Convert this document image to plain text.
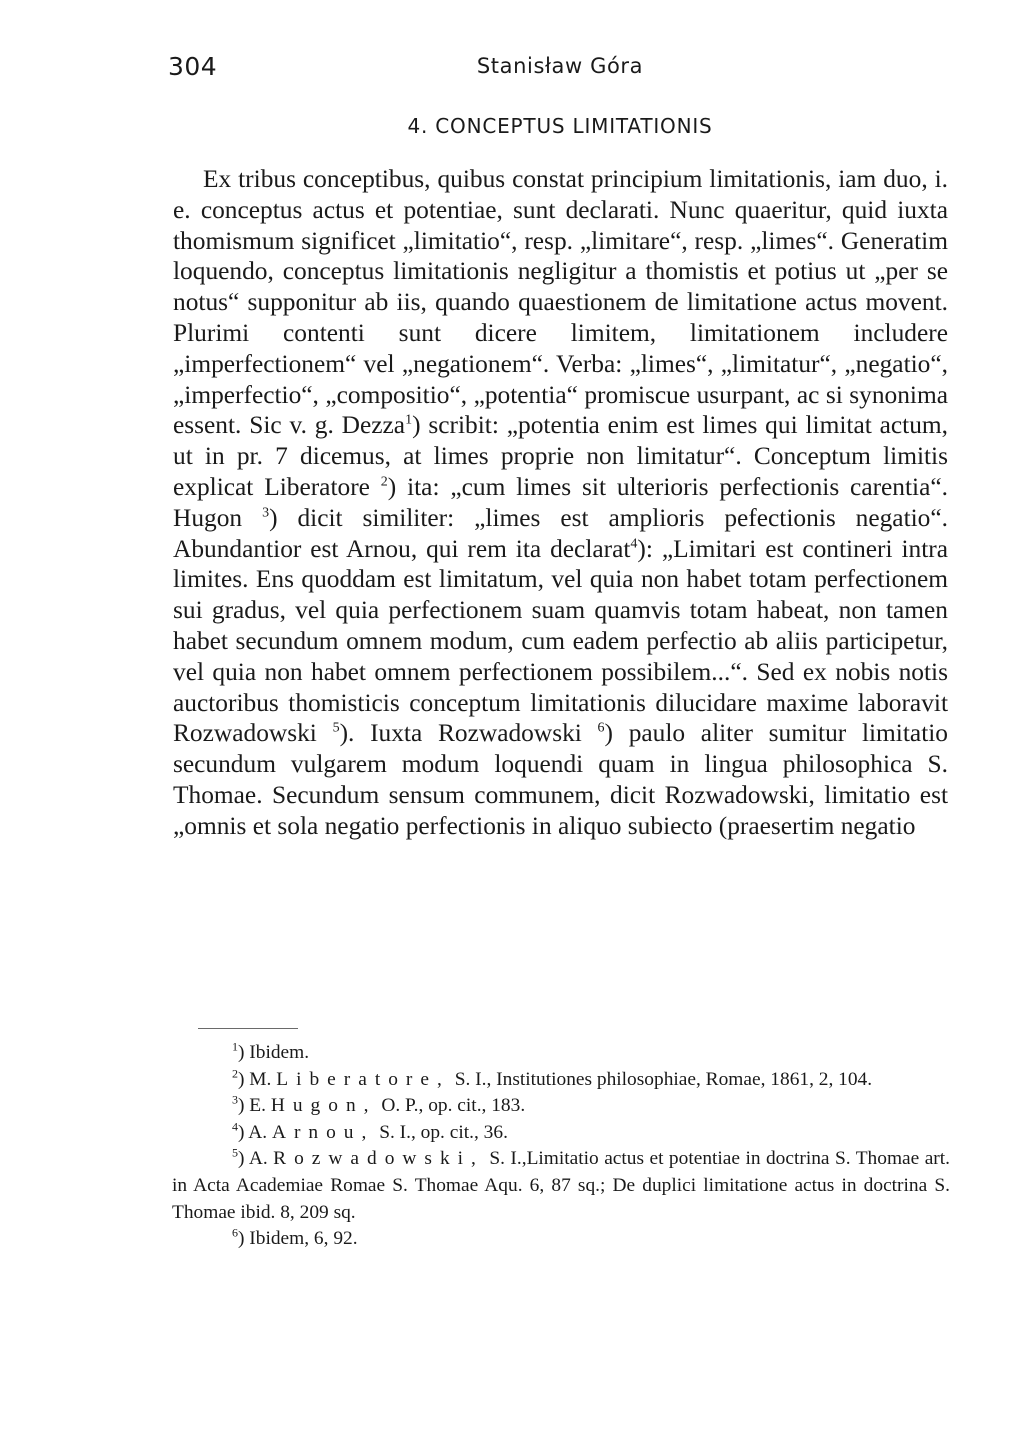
304	Stanisław Góra
4. CONCEPTUS LIMITATIONIS

Ex tribus conceptibus, quibus constat principium limitationis, iam duo, i. e. conceptus actus et potentiae, sunt declarati. Nunc quaeritur, quid iuxta thomismum significet „limitatio“, resp. „limitare“, resp. „limes“. Generatim loquendo, conceptus limitationis negligitur a thomistis et potius ut „per se notus“ supponitur ab iis, quando quaestionem de limitatione actus movent. Plurimi contenti sunt dicere limitem, limitationem includere „imperfectionem“ vel „negationem“. Verba: „limes“, „limitatur“, „negatio“, „imperfectio“, „compositio“, „potentia“ promiscue usurpant, ac si synonima essent. Sic v. g. Dezza$^1$) scribit: „potentia enim est limes qui limitat actum, ut in pr. 7 dicemus, at limes proprie non limitatur“. Conceptum limitis explicat Liberatore $^2$) ita: „cum limes sit ulterioris perfectionis carentia“. Hugon $^3$) dicit similiter: „limes est amplioris pefectionis negatio“. Abundantior est Arnou, qui rem ita declarat$^4$): „Limitari est contineri intra limites. Ens quoddam est limitatum, vel quia non habet totam perfectionem sui gradus, vel quia perfectionem suam quamvis totam habeat, non tamen habet secundum omnem modum, cum eadem perfectio ab aliis participetur, vel quia non habet omnem perfectionem possibilem...“. Sed ex nobis notis auctoribus thomisticis conceptum limitationis dilucidare maxime laboravit Rozwadowski $^5$). Iuxta Rozwadowski $^6$) paulo aliter sumitur limitatio secundum vulgarem modum loquendi quam in lingua philosophica S. Thomae. Secundum sensum communem, dicit Rozwadowski, limitatio est „omnis et sola negatio perfectionis in aliquo subiecto (praesertim negatio

$^1$) Ibidem.

$^2$) M. Liberatore, S. I., Institutiones philosophiae, Romae, 1861, 2, 104.

$^3$) E. Hugon, O. P., op. cit., 183.

$^4$) A. Arnou, S. I., op. cit., 36.

$^5$) A. Rozwadowski, S. I.,Limitatio actus et potentiae in doctrina S. Thomae art. in Acta Academiae Romae S. Thomae Aqu. 6, 87 sq.; De duplici limitatione actus in doctrina S. Thomae ibid. 8, 209 sq.

$^6$) Ibidem, 6, 92.
